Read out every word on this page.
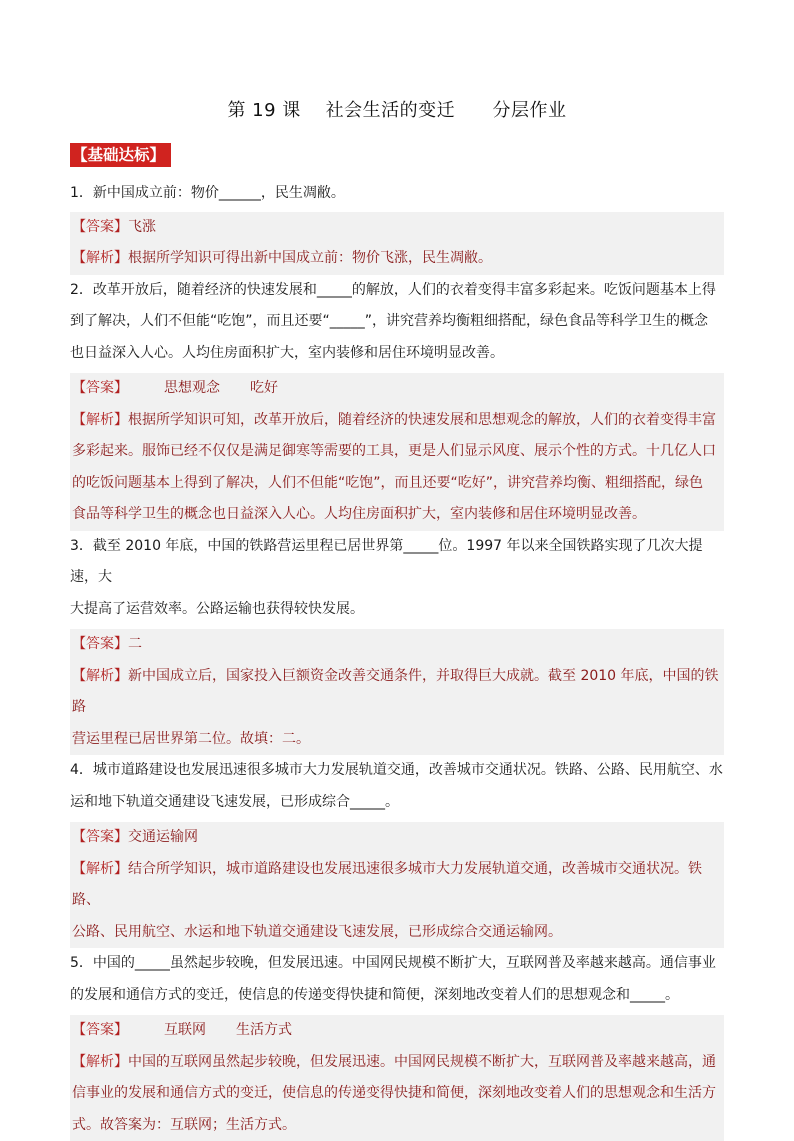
第 19 课    社会生活的变迁      分层作业
【基础达标】
1．新中国成立前：物价______，民生凋敝。
【答案】飞涨
【解析】根据所学知识可得出新中国成立前：物价飞涨，民生凋敝。
2．改革开放后，随着经济的快速发展和_____的解放，人们的衣着变得丰富多彩起来。吃饭问题基本上得
到了解决，人们不但能“吃饱”，而且还要“_____”，讲究营养均衡粗细搭配，绿色食品等科学卫生的概念
也日益深入人心。人均住房面积扩大，室内装修和居住环境明显改善。
【答案】	思想观念 吃好
【解析】根据所学知识可知，改革开放后，随着经济的快速发展和思想观念的解放，人们的衣着变得丰富
多彩起来。服饰已经不仅仅是满足御寒等需要的工具，更是人们显示风度、展示个性的方式。十几亿人口
的吃饭问题基本上得到了解决，人们不但能“吃饱”，而且还要“吃好”，讲究营养均衡、粗细搭配，绿色
食品等科学卫生的概念也日益深入人心。人均住房面积扩大，室内装修和居住环境明显改善。
3．截至 2010 年底，中国的铁路营运里程已居世界第_____位。1997 年以来全国铁路实现了几次大提速，大
大提高了运营效率。公路运输也获得较快发展。
【答案】二
【解析】新中国成立后，国家投入巨额资金改善交通条件，并取得巨大成就。截至 2010 年底，中国的铁路
营运里程已居世界第二位。故填：二。
4．城市道路建设也发展迅速很多城市大力发展轨道交通，改善城市交通状况。铁路、公路、民用航空、水
运和地下轨道交通建设飞速发展，已形成综合_____。
【答案】交通运输网
【解析】结合所学知识，城市道路建设也发展迅速很多城市大力发展轨道交通，改善城市交通状况。铁路、
公路、民用航空、水运和地下轨道交通建设飞速发展，已形成综合交通运输网。
5．中国的_____虽然起步较晚，但发展迅速。中国网民规模不断扩大，互联网普及率越来越高。通信事业
的发展和通信方式的变迁，使信息的传递变得快捷和简便，深刻地改变着人们的思想观念和_____。
【答案】	互联网 生活方式
【解析】中国的互联网虽然起步较晚，但发展迅速。中国网民规模不断扩大，互联网普及率越来越高，通
信事业的发展和通信方式的变迁，使信息的传递变得快捷和简便，深刻地改变着人们的思想观念和生活方
式。故答案为：互联网；生活方式。
